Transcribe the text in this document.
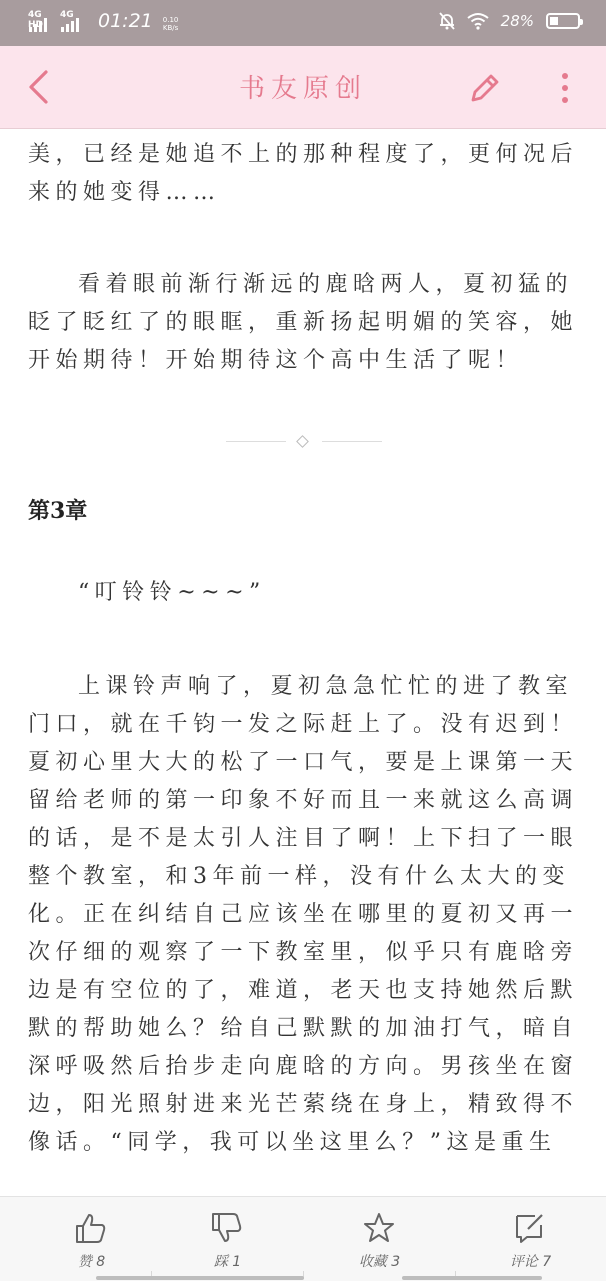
4G HD
4G 01:21 0.10
KB/s	28%
书友原创

美，已经是她追不上的那种程度了，更何况后
来的她变得……

看着眼前渐行渐远的鹿晗两人，夏初猛的
眨了眨红了的眼眶，重新扬起明媚的笑容，她
开始期待！开始期待这个高中生活了呢！

第3章

“叮铃铃~~~”

上课铃声响了，夏初急急忙忙的进了教室
门口，就在千钧一发之际赶上了。没有迟到！
夏初心里大大的松了一口气，要是上课第一天
留给老师的第一印象不好而且一来就这么高调
的话，是不是太引人注目了啊！上下扫了一眼
整个教室，和3年前一样，没有什么太大的变
化。正在纠结自己应该坐在哪里的夏初又再一
次仔细的观察了一下教室里，似乎只有鹿晗旁
边是有空位的了，难道，老天也支持她然后默
默的帮助她么？给自己默默的加油打气，暗自
深呼吸然后抬步走向鹿晗的方向。男孩坐在窗
边，阳光照射进来光芒萦绕在身上，精致得不
像话。“同学，我可以坐这里么？”这是重生

赞 8	踩 1	收藏 3	评论 7
